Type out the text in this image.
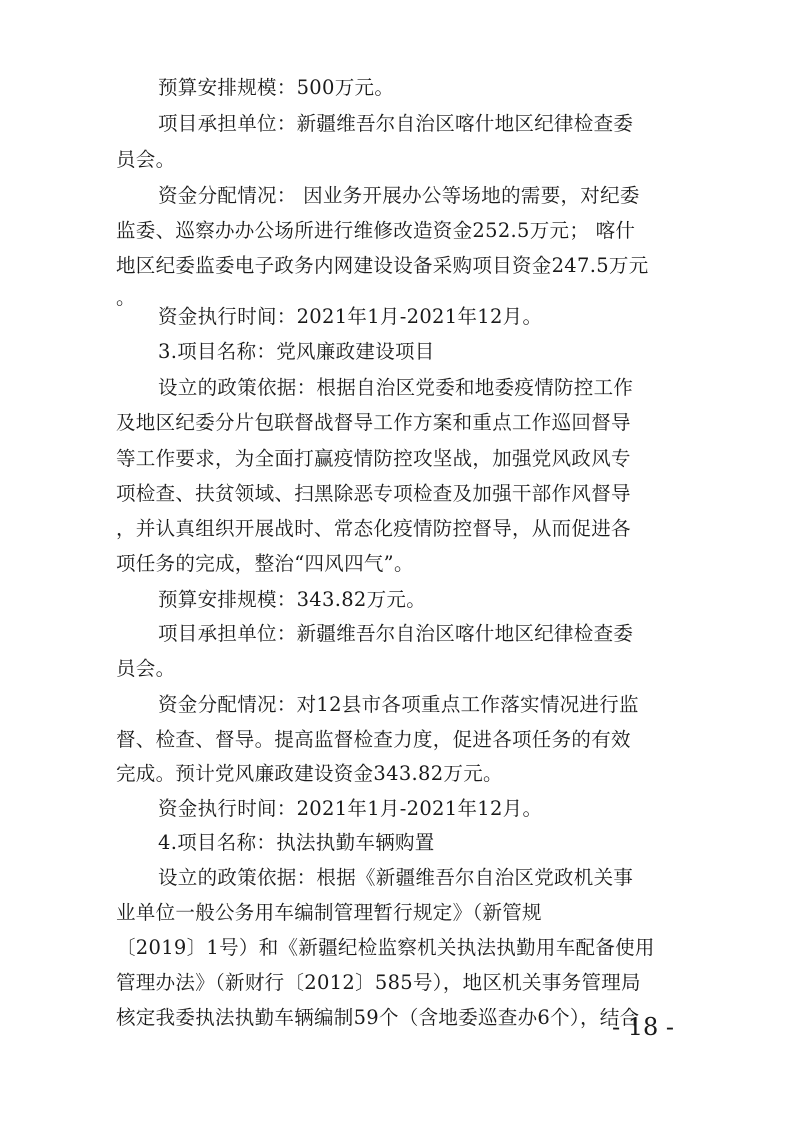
预算安排规模：500万元。
项目承担单位：新疆维吾尔自治区喀什地区纪律检查委
员会。
资金分配情况： 因业务开展办公等场地的需要，对纪委
监委、巡察办办公场所进行维修改造资金252.5万元； 喀什
地区纪委监委电子政务内网建设设备采购项目资金247.5万元
。
资金执行时间：2021年1月-2021年12月。
3.项目名称：党风廉政建设项目
设立的政策依据：根据自治区党委和地委疫情防控工作
及地区纪委分片包联督战督导工作方案和重点工作巡回督导
等工作要求，为全面打赢疫情防控攻坚战，加强党风政风专
项检查、扶贫领域、扫黑除恶专项检查及加强干部作风督导
，并认真组织开展战时、常态化疫情防控督导，从而促进各
项任务的完成，整治“四风四气”。
预算安排规模：343.82万元。
项目承担单位：新疆维吾尔自治区喀什地区纪律检查委
员会。
资金分配情况：对12县市各项重点工作落实情况进行监
督、检查、督导。提高监督检查力度，促进各项任务的有效
完成。预计党风廉政建设资金343.82万元。
资金执行时间：2021年1月-2021年12月。
4.项目名称：执法执勤车辆购置
设立的政策依据：根据《新疆维吾尔自治区党政机关事
业单位一般公务用车编制管理暂行规定》（新管规
〔2019〕1号）和《新疆纪检监察机关执法执勤用车配备使用
管理办法》（新财行〔2012〕585号），地区机关事务管理局
核定我委执法执勤车辆编制59个（含地委巡查办6个），结合
- 18 -
